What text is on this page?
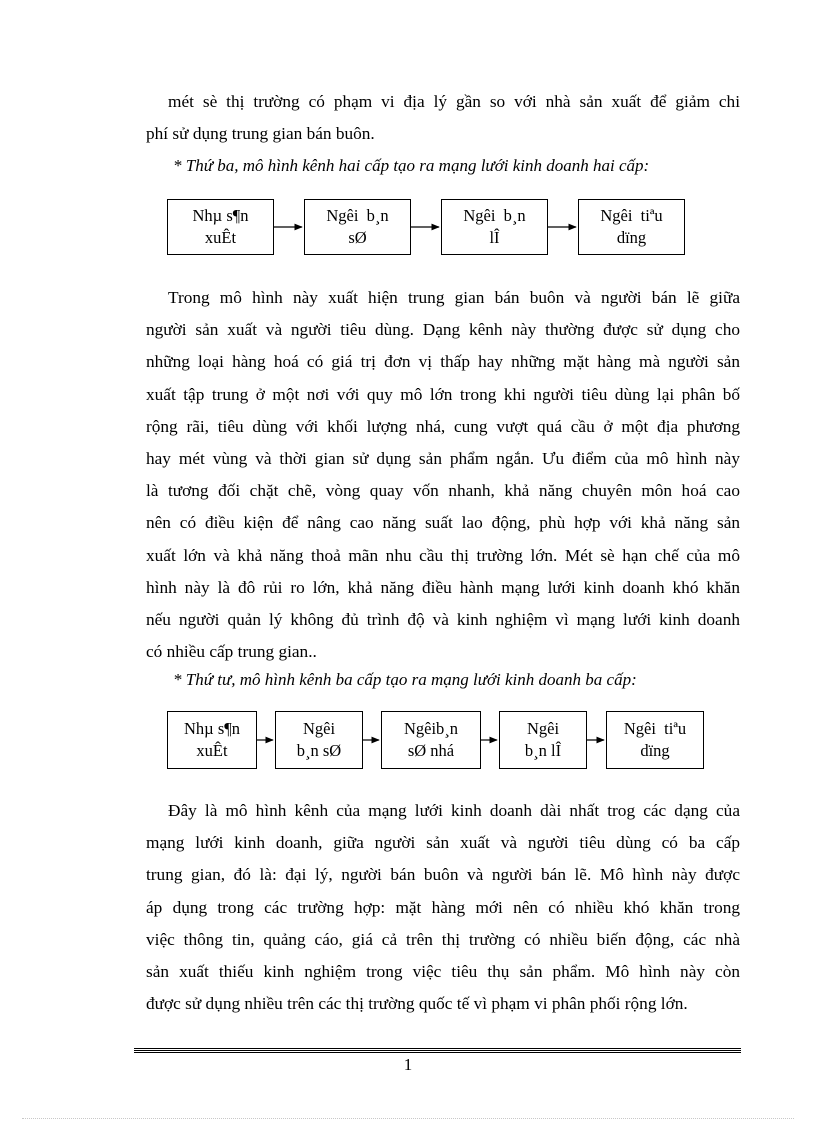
mét sè thị trường có phạm vi địa lý gần so với nhà sản xuất để giảm chi
phí sử dụng trung gian bán buôn.
* Thứ ba, mô hình kênh hai cấp tạo ra mạng lưới kinh doanh hai cấp:
Nhµ s¶n
xuÊt
Ngêi  b¸n
sØ
Ngêi  b¸n
lÎ
Ngêi  tiªu
dïng
Trong mô hình này xuất hiện trung gian bán buôn và người bán lẽ giữa
người sản xuất và người tiêu dùng. Dạng kênh này thường được sử dụng cho
những loại hàng hoá có giá trị đơn vị thấp hay những mặt hàng mà người sản
xuất tập trung ở một nơi với quy mô lớn trong khi người tiêu dùng lại phân bố
rộng rãi, tiêu dùng với khối lượng nhá, cung vượt quá cầu ở một địa phương
hay mét vùng và thời gian sử dụng sản phẩm ngắn. Ưu điểm của mô hình này
là tương đối chặt chẽ, vòng quay vốn nhanh, khả năng chuyên môn hoá cao
nên có điều kiện để nâng cao năng suất lao động, phù hợp với khả năng sản
xuất lớn và khả năng thoả mãn nhu cầu thị trường lớn. Mét sè hạn chế của mô
hình này là đô rủi ro lớn, khả năng điều hành mạng lưới kinh doanh khó khăn
nếu người quản lý không đủ trình độ và kinh nghiệm vì mạng lưới kinh doanh
có nhiều cấp trung gian..
* Thứ tư, mô hình kênh ba cấp tạo ra mạng lưới kinh doanh ba cấp:
Nhµ s¶n
xuÊt
Ngêi
b¸n sØ
Ngêib¸n
sØ nhá
Ngêi
b¸n lÎ
Ngêi  tiªu
dïng
Đây là mô hình kênh của mạng lưới kinh doanh dài nhất trog các dạng của
mạng lưới kinh doanh, giữa người sản xuất và người tiêu dùng có ba cấp
trung gian, đó là: đại lý, người bán buôn và người bán lẽ. Mô hình này được
áp dụng trong các trường hợp: mặt hàng mới nên có nhiều khó khăn trong
việc thông tin, quảng cáo, giá cả trên thị trường có nhiều biến động, các nhà
sản xuất thiếu kinh nghiệm trong việc tiêu thụ sản phẩm. Mô hình này còn
được sử dụng nhiều trên các thị trường quốc tế vì phạm vi phân phối rộng lớn.
1
